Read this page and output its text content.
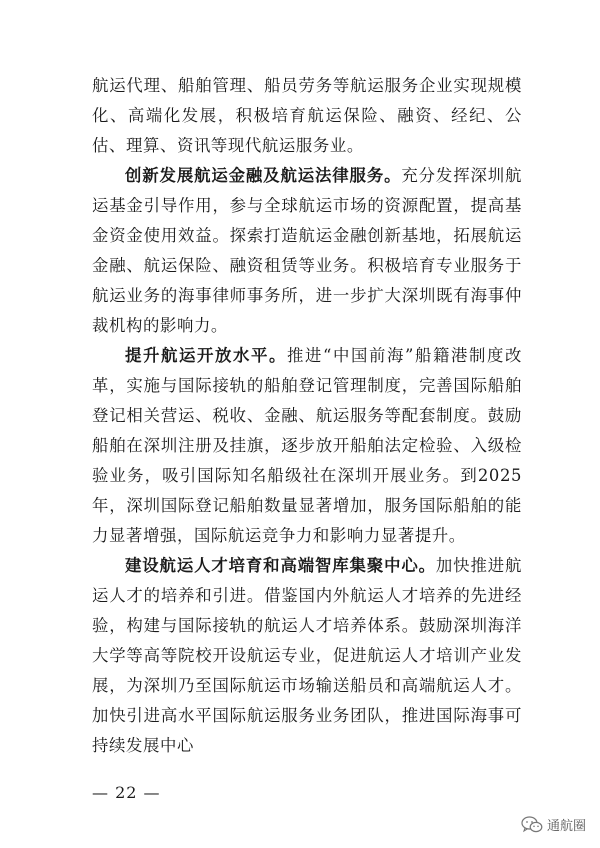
航运代理、船舶管理、船员劳务等航运服务企业实现规模化、高端化发展，积极培育航运保险、融资、经纪、公估、理算、资讯等现代航运服务业。

创新发展航运金融及航运法律服务。充分发挥深圳航运基金引导作用，参与全球航运市场的资源配置，提高基金资金使用效益。探索打造航运金融创新基地，拓展航运金融、航运保险、融资租赁等业务。积极培育专业服务于航运业务的海事律师事务所，进一步扩大深圳既有海事仲裁机构的影响力。

提升航运开放水平。推进“中国前海”船籍港制度改革，实施与国际接轨的船舶登记管理制度，完善国际船舶登记相关营运、税收、金融、航运服务等配套制度。鼓励船舶在深圳注册及挂旗，逐步放开船舶法定检验、入级检验业务，吸引国际知名船级社在深圳开展业务。到2025年，深圳国际登记船舶数量显著增加，服务国际船舶的能力显著增强，国际航运竞争力和影响力显著提升。

建设航运人才培育和高端智库集聚中心。加快推进航运人才的培养和引进。借鉴国内外航运人才培养的先进经验，构建与国际接轨的航运人才培养体系。鼓励深圳海洋大学等高等院校开设航运专业，促进航运人才培训产业发展，为深圳乃至国际航运市场输送船员和高端航运人才。加快引进高水平国际航运服务业务团队，推进国际海事可持续发展中心

— 22 —
通航圈
